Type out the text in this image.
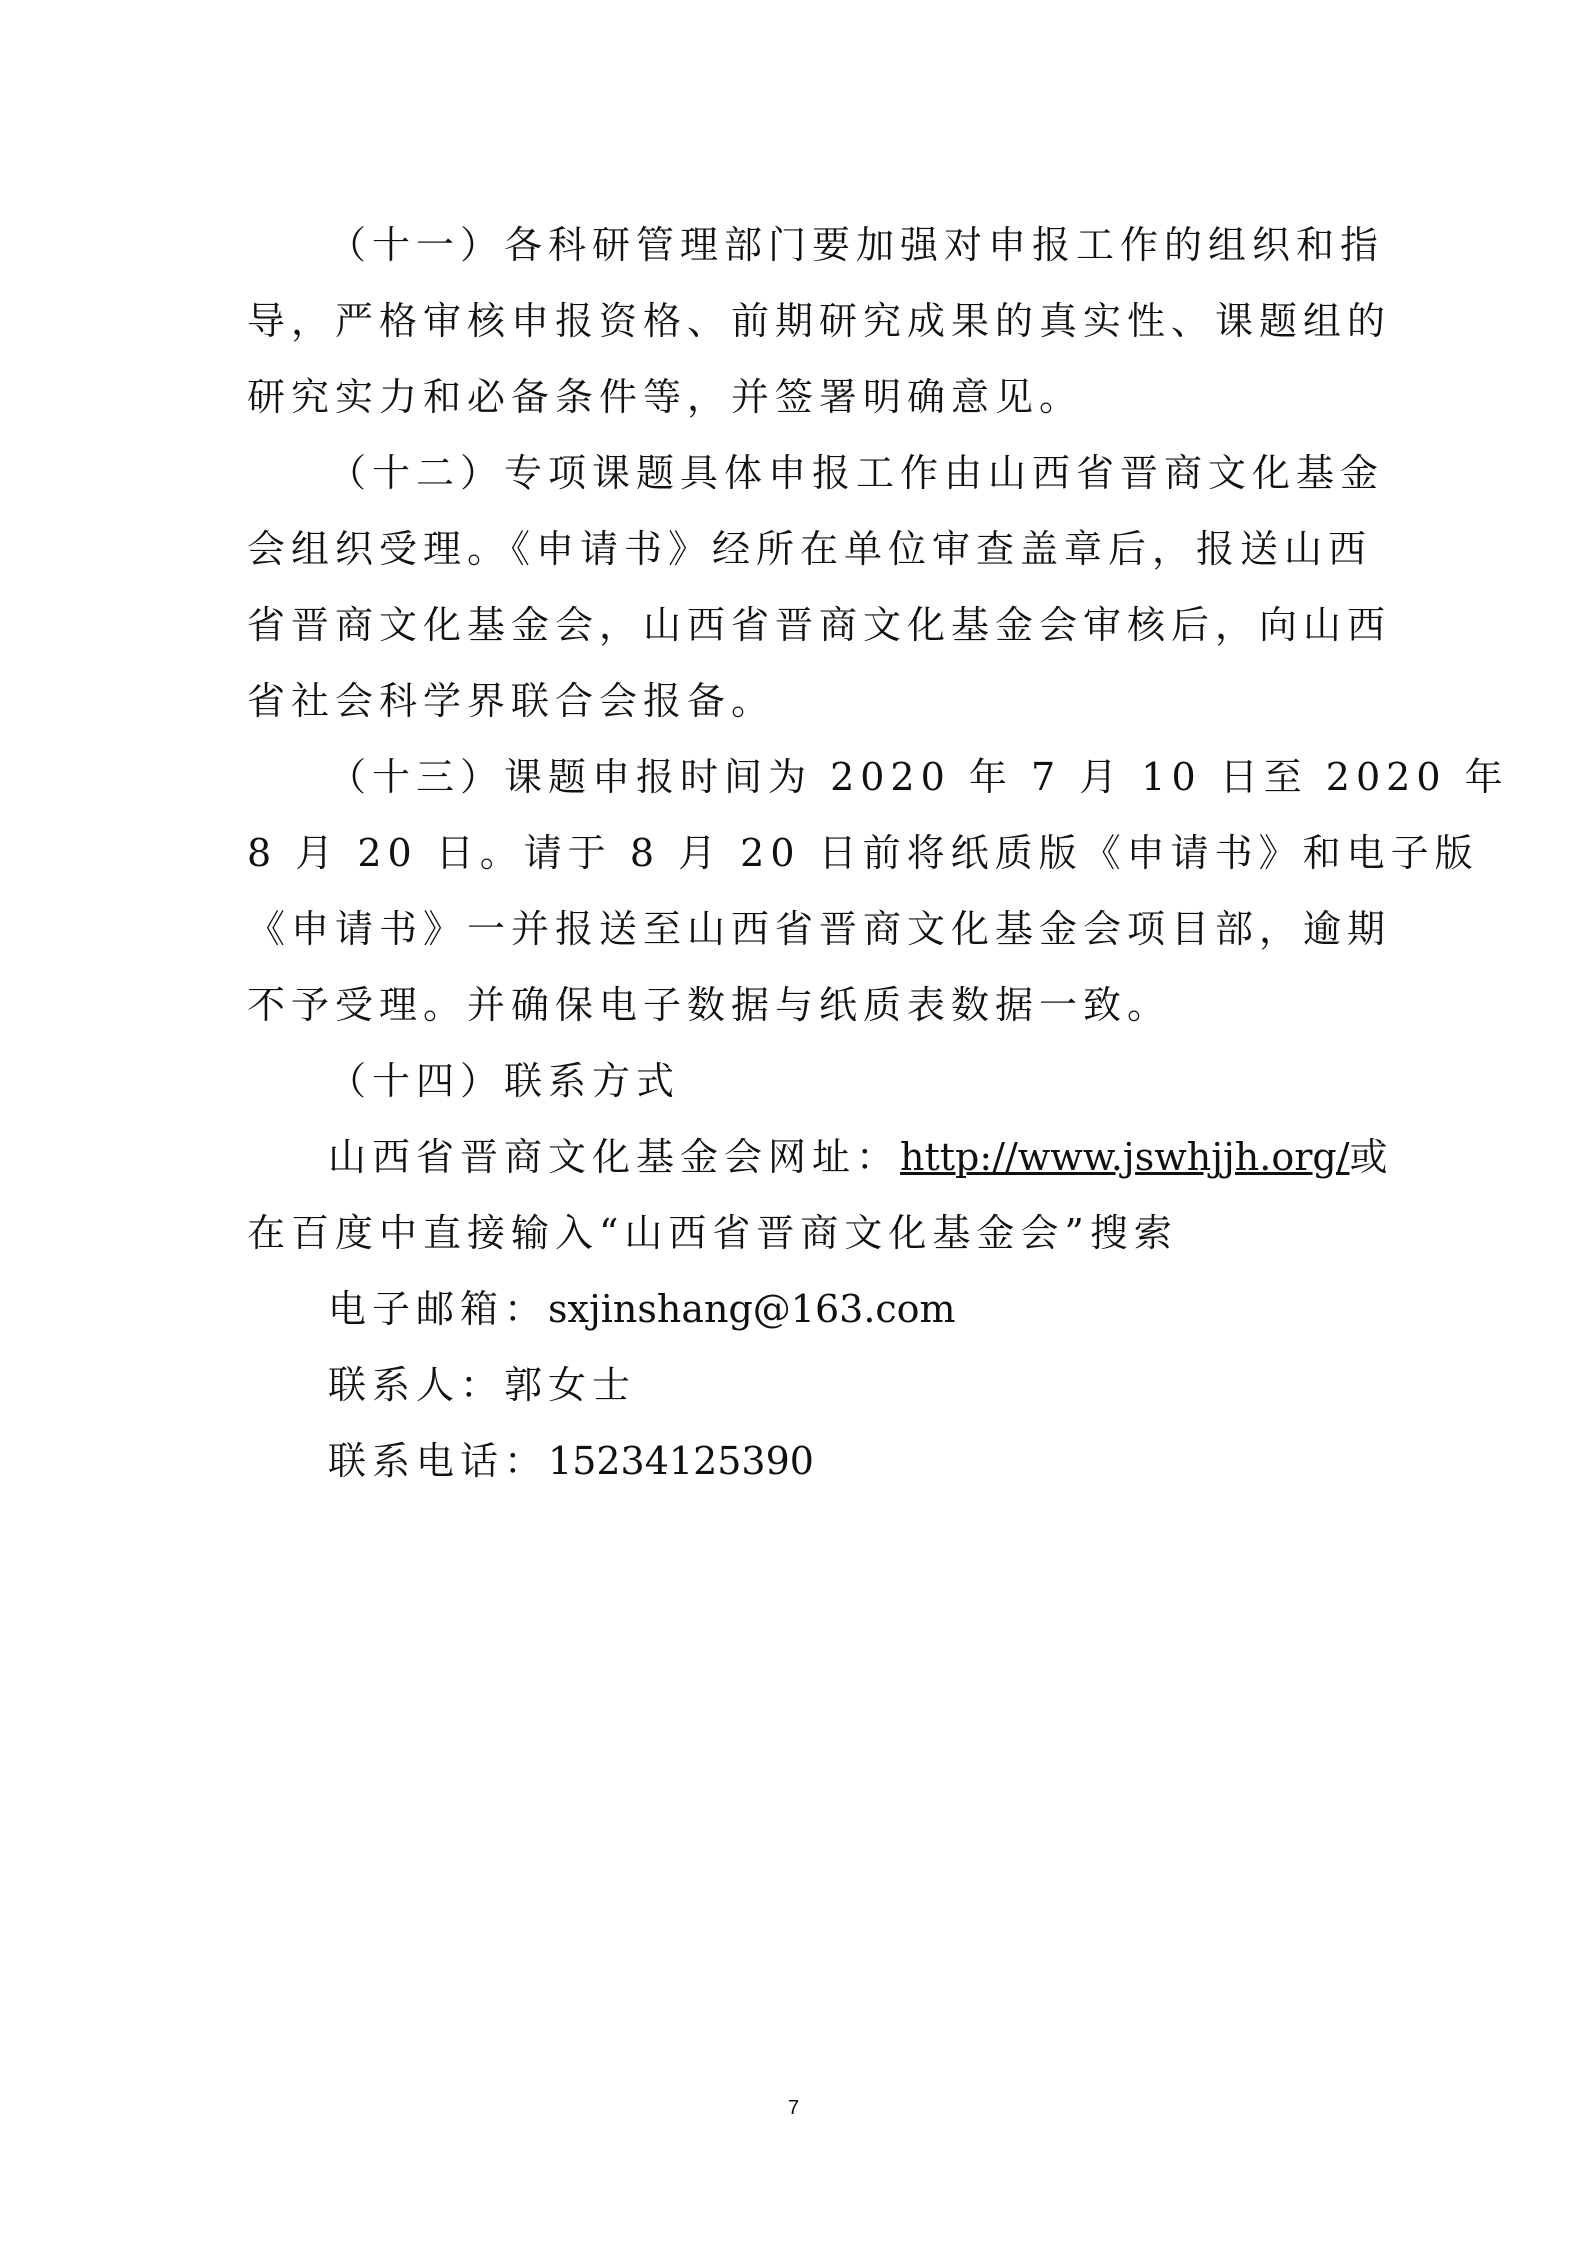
（十一）各科研管理部门要加强对申报工作的组织和指
导，严格审核申报资格、前期研究成果的真实性、课题组的
研究实力和必备条件等，并签署明确意见。
（十二）专项课题具体申报工作由山西省晋商文化基金
会组织受理。《申请书》经所在单位审查盖章后，报送山西
省晋商文化基金会，山西省晋商文化基金会审核后，向山西
省社会科学界联合会报备。
（十三）课题申报时间为 2020 年 7 月 10 日至 2020 年
8 月 20 日。请于 8 月 20 日前将纸质版《申请书》和电子版
《申请书》一并报送至山西省晋商文化基金会项目部，逾期
不予受理。并确保电子数据与纸质表数据一致。
（十四）联系方式
山西省晋商文化基金会网址：http://www.jswhjjh.org/或
在百度中直接输入“山西省晋商文化基金会”搜索
电子邮箱：sxjinshang@163.com
联系人：郭女士
联系电话：15234125390
7
